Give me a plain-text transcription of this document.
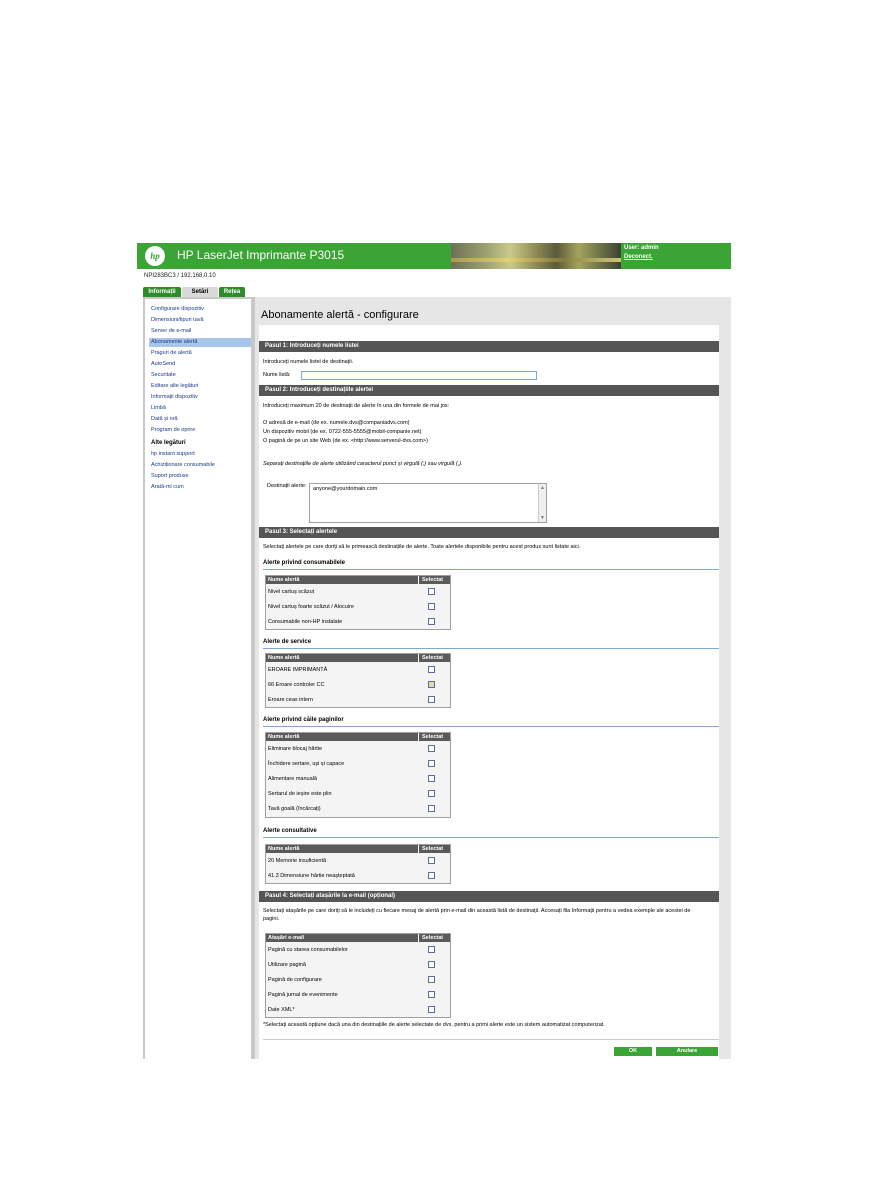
hp	HP LaserJet Imprimante P3015	User: admin
Deconect.
NPI283BC3 / 192.168.0.10
Informații	Setări	Rețea
Configurare dispozitiv
Dimensiuni/tipuri tavă
Server de e-mail
Abonamente alertă
Praguri de alertă
AutoSend
Securitate
Editare alte legături
Informații dispozitiv
Limbă
Dată și oră
Program de oprire
Alte legături
hp instant support
Achiziționare consumabile
Suport produse
Arată-mi cum
Abonamente alertă - configurare
Pasul 1: Introduceți numele listei
Introduceți numele listei de destinații.
Nume listă:
Pasul 2: Introduceți destinațiile alertei
Introduceți maximum 20 de destinații de alerte în una din formele de mai jos:
O adresă de e-mail (de ex. numele.dvs@companiadvs.com)
Un dispozitiv mobil (de ex. 0722-555-5555@mobil-companie.net)
O pagină de pe un site Web (de ex. <http://www.serverul-dvs.com>)
Separați destinațiile de alerte utilizând caracterul punct și virgulă (;) sau virgulă (,).
Destinații alerte:	anyone@yourdomain.com	▲
▼
Pasul 3: Selectați alertele
Selectați alertele pe care doriți să le primească destinațiile de alerte. Toate alertele disponibile pentru acest produs sunt listate aici.
Alerte privind consumabilele
Nume alertă	Selectat
Nivel cartuș scăzut
Nivel cartuș foarte scăzut / Alocuire
Consumabile non-HP instalate
Alerte de service
Nume alertă	Selectat
EROARE IMPRIMANTĂ
66 Eroare controler CC
Eroare ceas intern
Alerte privind căile paginilor
Nume alertă	Selectat
Eliminare blocaj hârtie
Închidere sertare, uși și capace
Alimentare manuală
Sertarul de ieșire este plin
Tavă goală (încărcați)
Alerte consultative
Nume alertă	Selectat
20 Memorie insuficientă
41.3 Dimensiune hârtie neașteptată
Pasul 4: Selectați atașările la e-mail (opțional)
Selectați atașările pe care doriți să le includeți cu fiecare mesaj de alertă prin e-mail din această listă de destinații. Accesați fila Informații pentru a vedea exemple ale acestei de
pagini.
Atașări e-mail	Selectat
Pagină cu starea consumabilelor
Utilizare pagină
Pagină de configurare
Pagină jurnal de evenimente
Date XML*
*Selectați această opțiune dacă una din destinațiile de alerte selectate de dvs. pentru a primi alerte este un sistem automatizat computerizat.
OK	Anulare
